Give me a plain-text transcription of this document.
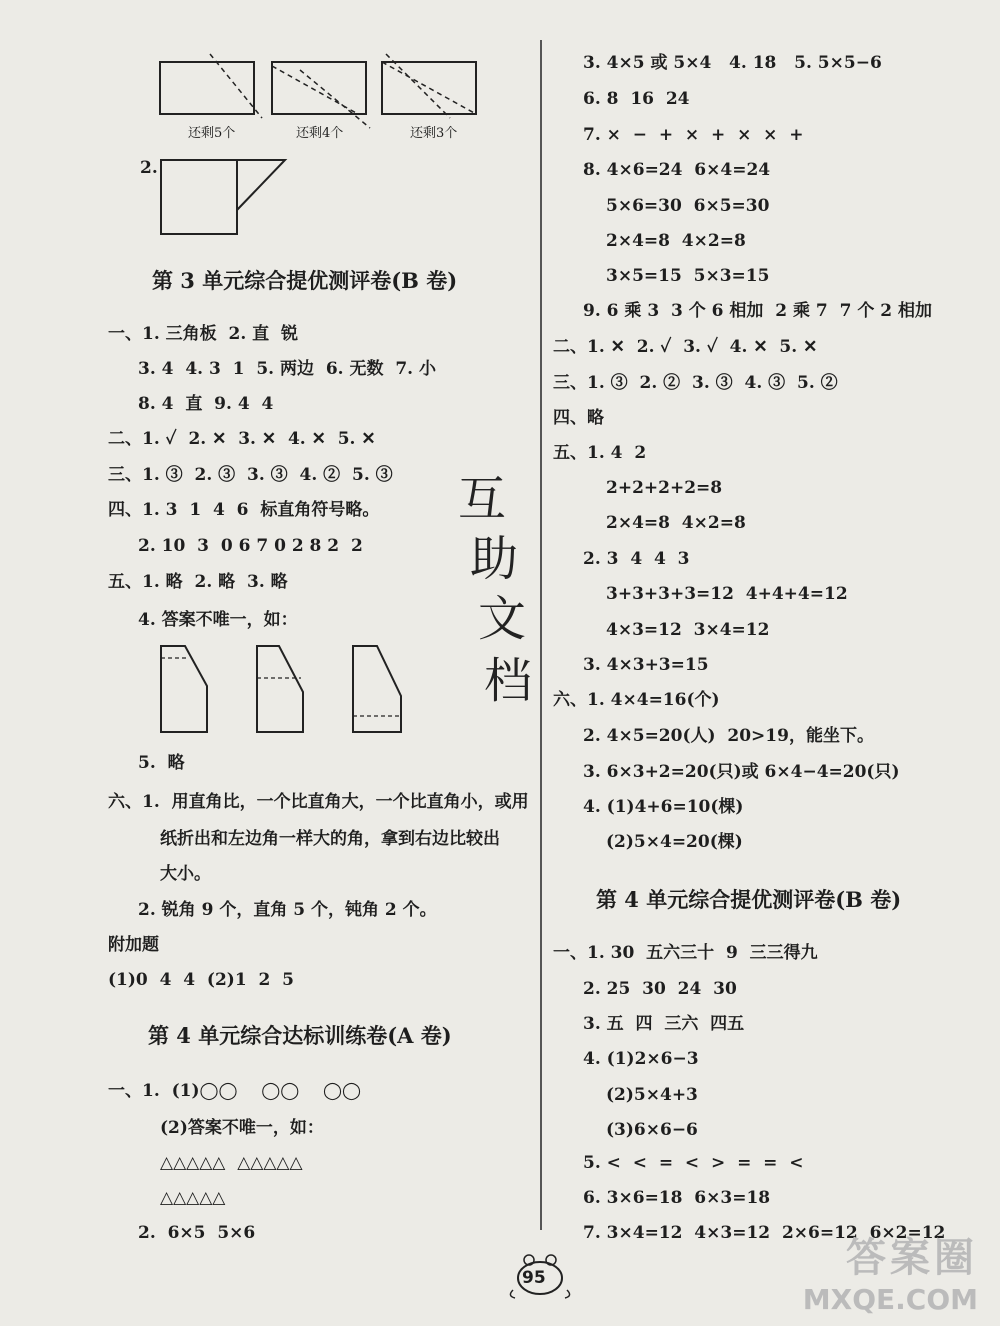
还剩5个	还剩4个	还剩3个
2.
第 3 单元综合提优测评卷(B 卷)
一、1. 三角板  2. 直  锐
3. 4  4. 3  1  5. 两边  6. 无数  7. 小
8. 4  直  9. 4  4
二、1. ✓  2. ✕  3. ✕  4. ✕  5. ✕
三、1. ③  2. ③  3. ③  4. ②  5. ③
四、1. 3  1  4  6  标直角符号略。
2. 10  3  0 6 7 0 2 8 2  2
五、1. 略  2. 略  3. 略
4. 答案不唯一，如：
5.  略
六、1.  用直角比，一个比直角大，一个比直角小，或用
纸折出和左边角一样大的角，拿到右边比较出
大小。
2. 锐角 9 个，直角 5 个，钝角 2 个。
附加题
(1)0  4  4  (2)1  2  5
第 4 单元综合达标训练卷(A 卷)
一、1.  (1)◯◯    ◯◯    ◯◯
(2)答案不唯一，如：
△△△△△  △△△△△
△△△△△
2.  6×5  5×6
互
助
文
档
3. 4×5 或 5×4   4. 18   5. 5×5−6
6. 8  16  24
7. ×  −  +  ×  +  ×  ×  +
8. 4×6=24  6×4=24
5×6=30  6×5=30
2×4=8  4×2=8
3×5=15  5×3=15
9. 6 乘 3  3 个 6 相加  2 乘 7  7 个 2 相加
二、1. ✕  2. ✓  3. ✓  4. ✕  5. ✕
三、1. ③  2. ②  3. ③  4. ③  5. ②
四、略
五、1. 4  2
2+2+2+2=8
2×4=8  4×2=8
2. 3  4  4  3
3+3+3+3=12  4+4+4=12
4×3=12  3×4=12
3. 4×3+3=15
六、1. 4×4=16(个)
2. 4×5=20(人)  20>19，能坐下。
3. 6×3+2=20(只)或 6×4−4=20(只)
4. (1)4+6=10(棵)
(2)5×4=20(棵)
第 4 单元综合提优测评卷(B 卷)
一、1. 30  五六三十  9  三三得九
2. 25  30  24  30
3. 五  四  三六  四五
4. (1)2×6−3
(2)5×4+3
(3)6×6−6
5. <  <  =  <  >  =  =  <
6. 3×6=18  6×3=18
7. 3×4=12  4×3=12  2×6=12  6×2=12
95	答案圈
MXQE.COM
